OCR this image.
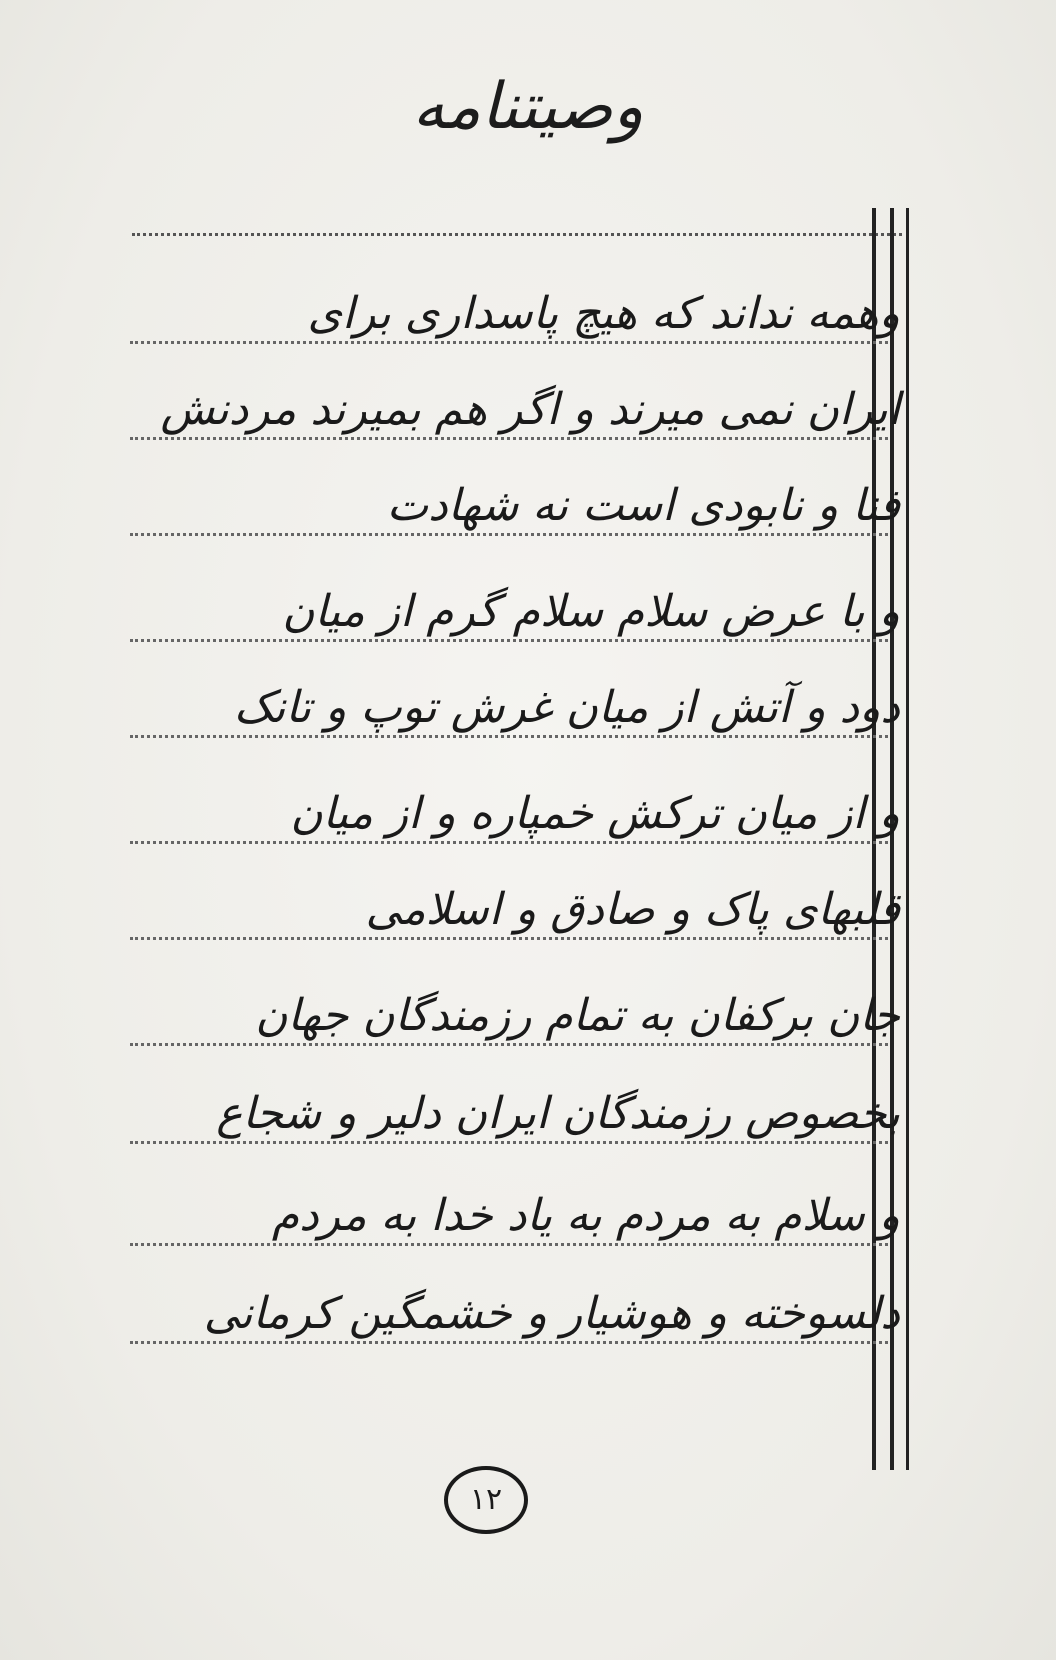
وصیتنامه
وهمه نداند که هیچ پاسداری برای
ایران نمی میرند و اگر هم بمیرند مردنش
فنا و نابودی است نه شهادت
و با عرض سلام سلام گرم از میان
دود و آتش از میان غرش توپ و تانک
و از میان ترکش خمپاره و از میان
قلبهای پاک و صادق و اسلامی
جان برکفان به تمام رزمندگان جهان
بخصوص رزمندگان ایران دلیر و شجاع
و سلام به مردم به یاد خدا به مردم
دلسوخته و هوشیار و خشمگین کرمانی
۱۲
